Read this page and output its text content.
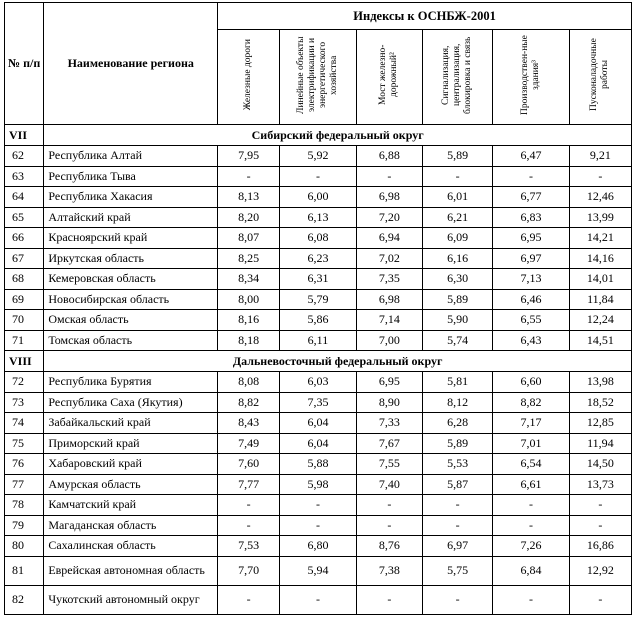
№ п/п	Наименование региона	Индексы к ОСНБЖ-2001					
		Железные дороги	Линейные объекты электрификации и энергетического хозяйства	Мост железно-дорожный²	Сигнализация, централизация, блокировка и связь	Производствен-ные здания³	Пусконаладочные работы
VII	Сибирский федеральный округ						
62	Республика Алтай	7,95	5,92	6,88	5,89	6,47	9,21
63	Республика Тыва	-	-	-	-	-	-
64	Республика Хакасия	8,13	6,00	6,98	6,01	6,77	12,46
65	Алтайский край	8,20	6,13	7,20	6,21	6,83	13,99
66	Красноярский край	8,07	6,08	6,94	6,09	6,95	14,21
67	Иркутская область	8,25	6,23	7,02	6,16	6,97	14,16
68	Кемеровская область	8,34	6,31	7,35	6,30	7,13	14,01
69	Новосибирская область	8,00	5,79	6,98	5,89	6,46	11,84
70	Омская область	8,16	5,86	7,14	5,90	6,55	12,24
71	Томская область	8,18	6,11	7,00	5,74	6,43	14,51
VIII	Дальневосточный федеральный округ						
72	Республика Бурятия	8,08	6,03	6,95	5,81	6,60	13,98
73	Республика Саха (Якутия)	8,82	7,35	8,90	8,12	8,82	18,52
74	Забайкальский край	8,43	6,04	7,33	6,28	7,17	12,85
75	Приморский край	7,49	6,04	7,67	5,89	7,01	11,94
76	Хабаровский край	7,60	5,88	7,55	5,53	6,54	14,50
77	Амурская область	7,77	5,98	7,40	5,87	6,61	13,73
78	Камчатский край	-	-	-	-	-	-
79	Магаданская область	-	-	-	-	-	-
80	Сахалинская область	7,53	6,80	8,76	6,97	7,26	16,86
81	Еврейская автономная область	7,70	5,94	7,38	5,75	6,84	12,92
82	Чукотский автономный округ	-	-	-	-	-	-
